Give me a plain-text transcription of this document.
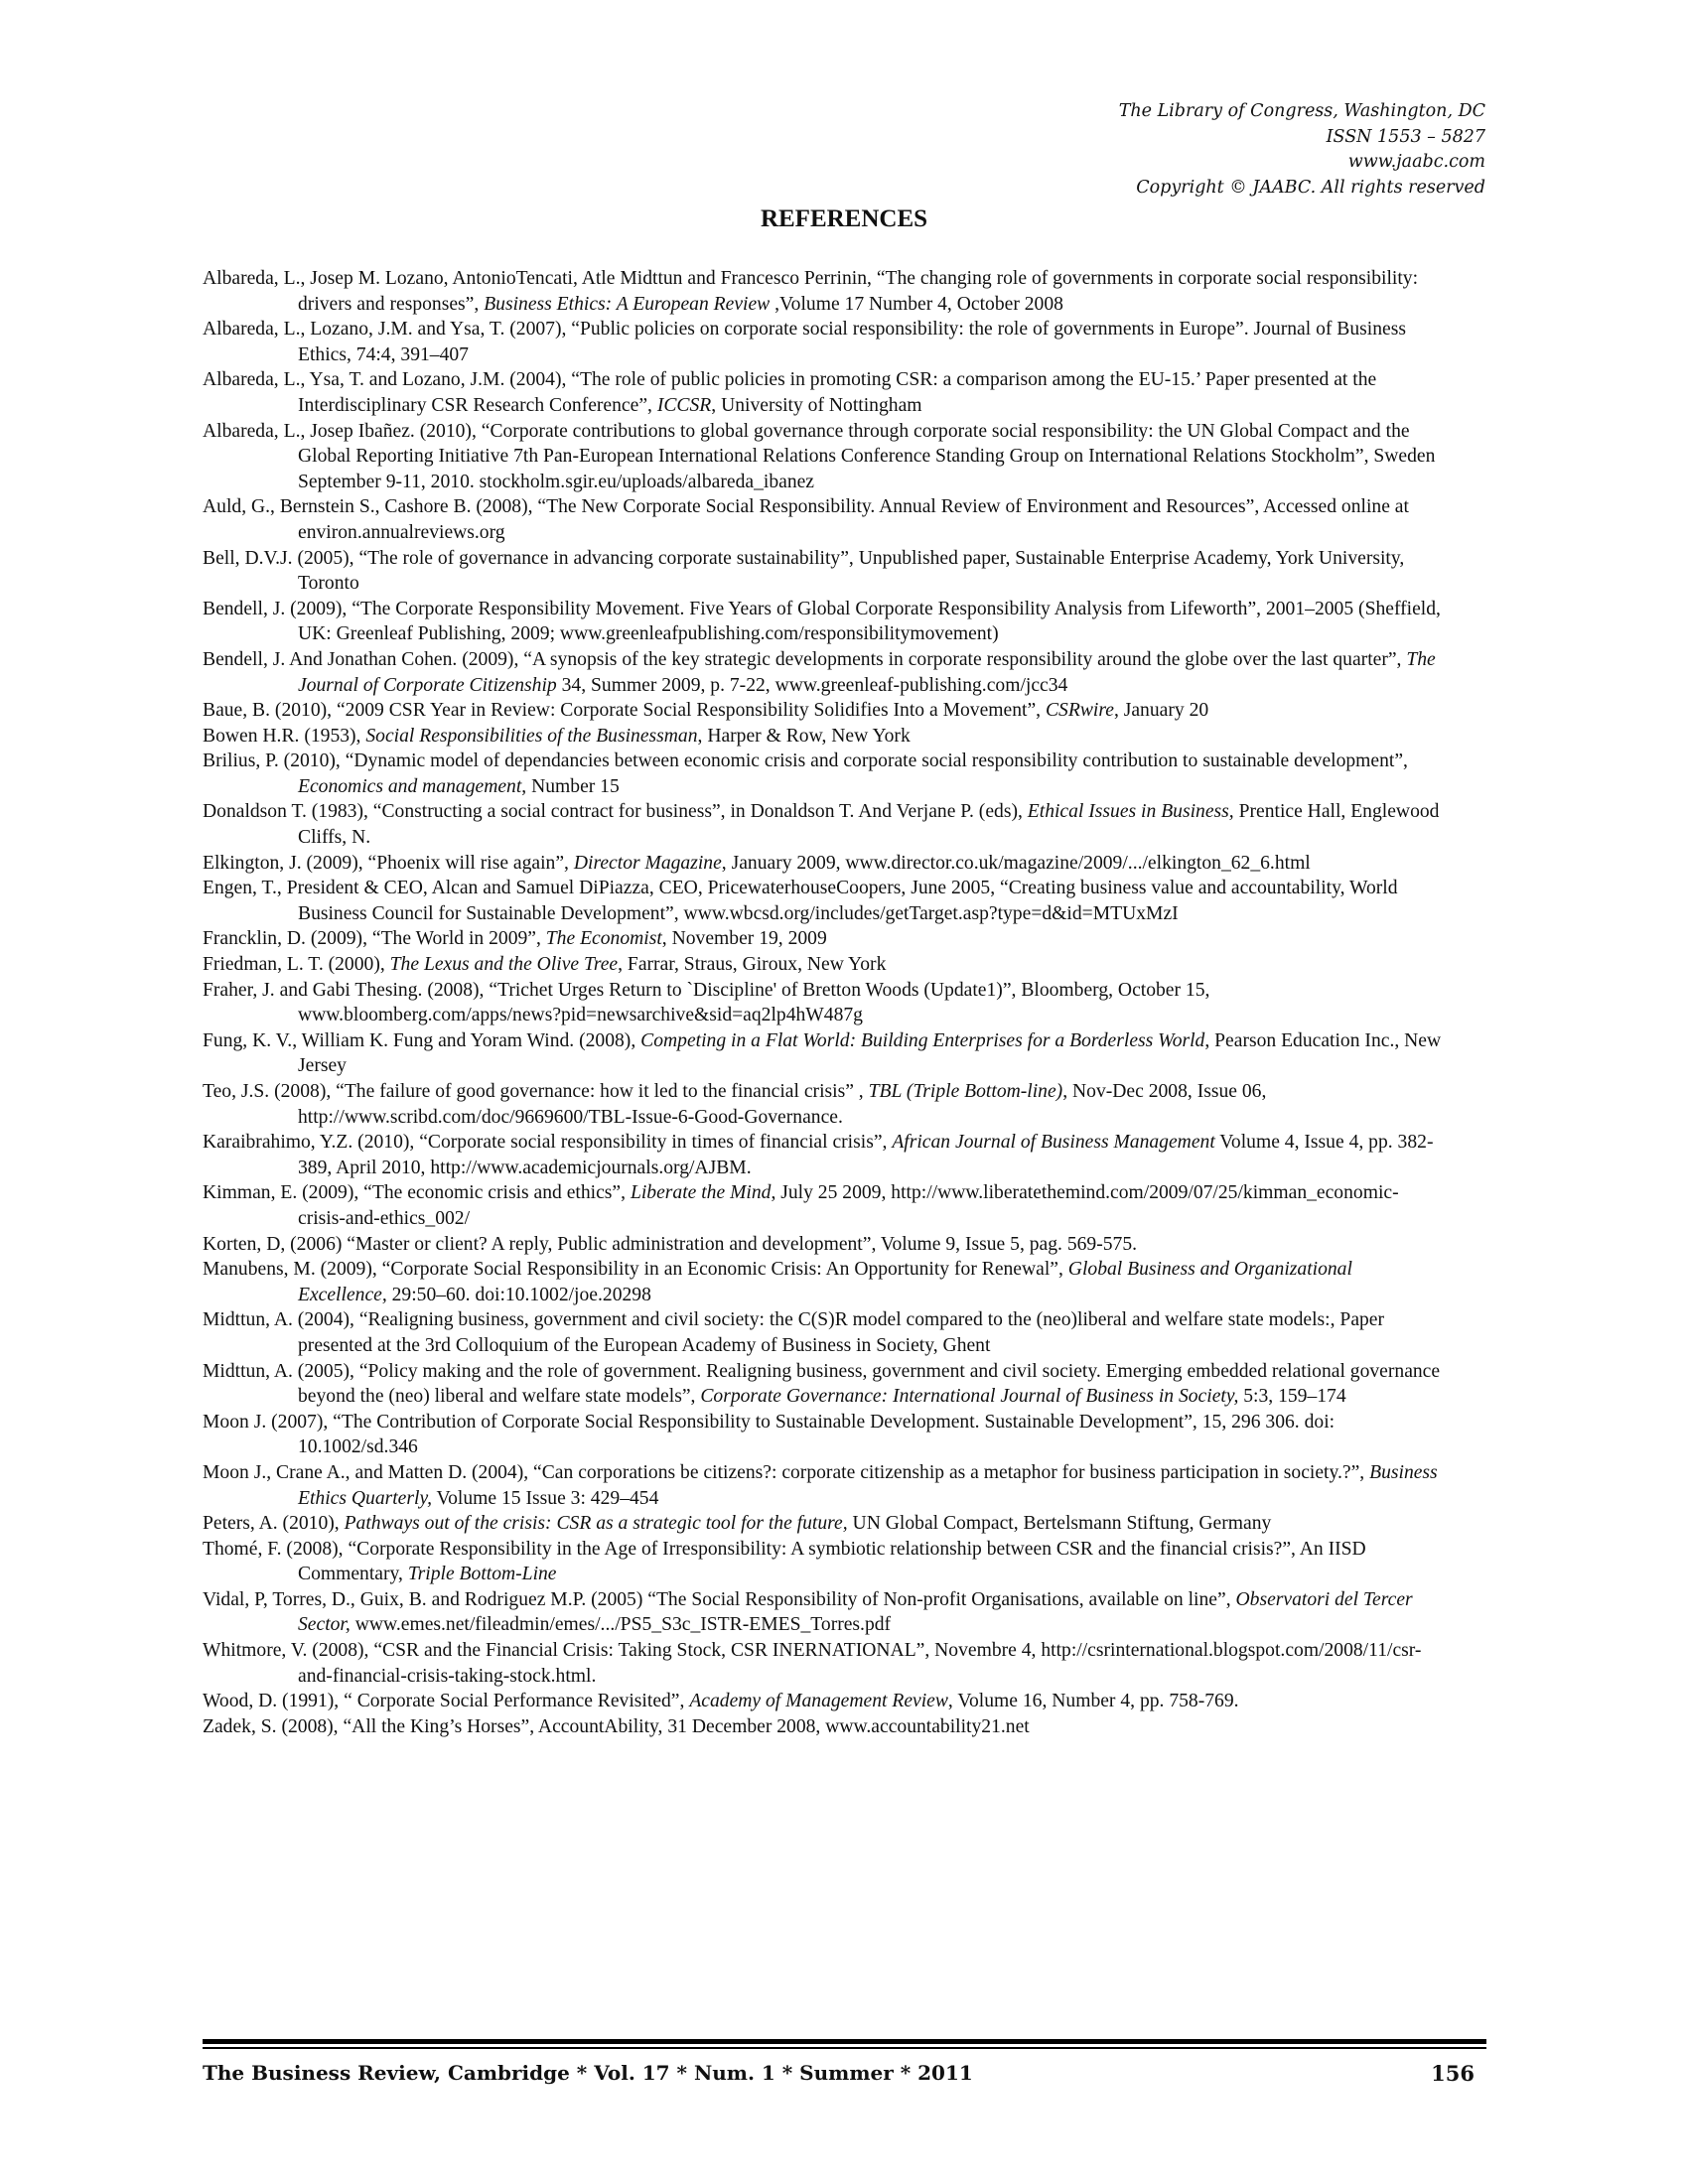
The Library of Congress, Washington, DC
ISSN 1553 – 5827
www.jaabc.com
Copyright © JAABC. All rights reserved
REFERENCES

Albareda, L., Josep M. Lozano, AntonioTencati, Atle Midttun and Francesco Perrinin, “The changing role of governments in corporate social responsibility: drivers and responses”, Business Ethics: A European Review ,Volume 17 Number 4, October 2008

Albareda, L., Lozano, J.M. and Ysa, T. (2007), “Public policies on corporate social responsibility: the role of governments in Europe”. Journal of Business Ethics, 74:4, 391–407

Albareda, L., Ysa, T. and Lozano, J.M. (2004), “The role of public policies in promoting CSR: a comparison among the EU-15.’ Paper presented at the Interdisciplinary CSR Research Conference”, ICCSR, University of Nottingham

Albareda, L., Josep Ibañez. (2010), “Corporate contributions to global governance through corporate social responsibility: the UN Global Compact and the Global Reporting Initiative 7th Pan-European International Relations Conference Standing Group on International Relations Stockholm”, Sweden September 9-11, 2010. stockholm.sgir.eu/uploads/albareda_ibanez

Auld, G., Bernstein S., Cashore B. (2008), “The New Corporate Social Responsibility. Annual Review of Environment and Resources”, Accessed online at environ.annualreviews.org

Bell, D.V.J. (2005), “The role of governance in advancing corporate sustainability”, Unpublished paper, Sustainable Enterprise Academy, York University, Toronto

Bendell, J. (2009), “The Corporate Responsibility Movement. Five Years of Global Corporate Responsibility Analysis from Lifeworth”, 2001–2005 (Sheffield, UK: Greenleaf Publishing, 2009; www.greenleafpublishing.com/responsibilitymovement)

Bendell, J. And Jonathan Cohen. (2009), “A synopsis of the key strategic developments in corporate responsibility around the globe over the last quarter”, The Journal of Corporate Citizenship 34, Summer 2009, p. 7-22, www.greenleaf-publishing.com/jcc34

Baue, B. (2010), “2009 CSR Year in Review: Corporate Social Responsibility Solidifies Into a Movement”, CSRwire, January 20

Bowen H.R. (1953), Social Responsibilities of the Businessman, Harper & Row, New York

Brilius, P. (2010), “Dynamic model of dependancies between economic crisis and corporate social responsibility contribution to sustainable development”, Economics and management, Number 15

Donaldson T. (1983), “Constructing a social contract for business”, in Donaldson T. And Verjane P. (eds), Ethical Issues in Business, Prentice Hall, Englewood Cliffs, N.

Elkington, J. (2009), “Phoenix will rise again”, Director Magazine, January 2009, www.director.co.uk/magazine/2009/.../elkington_62_6.html

Engen, T., President & CEO, Alcan and Samuel DiPiazza, CEO, PricewaterhouseCoopers, June 2005, “Creating business value and accountability, World Business Council for Sustainable Development”, www.wbcsd.org/includes/getTarget.asp?type=d&id=MTUxMzI

Francklin, D. (2009), “The World in 2009”, The Economist, November 19, 2009

Friedman, L. T. (2000), The Lexus and the Olive Tree, Farrar, Straus, Giroux, New York

Fraher, J. and Gabi Thesing. (2008), “Trichet Urges Return to `Discipline' of Bretton Woods (Update1)”, Bloomberg, October 15, www.bloomberg.com/apps/news?pid=newsarchive&sid=aq2lp4hW487g

Fung, K. V., William K. Fung and Yoram Wind. (2008), Competing in a Flat World: Building Enterprises for a Borderless World, Pearson Education Inc., New Jersey

Teo, J.S. (2008), “The failure of good governance: how it led to the financial crisis” , TBL (Triple Bottom-line), Nov-Dec 2008, Issue 06, http://www.scribd.com/doc/9669600/TBL-Issue-6-Good-Governance.

Karaibrahimo, Y.Z. (2010), “Corporate social responsibility in times of financial crisis”, African Journal of Business Management Volume 4, Issue 4, pp. 382-389, April 2010, http://www.academicjournals.org/AJBM.

Kimman, E. (2009), “The economic crisis and ethics”, Liberate the Mind, July 25 2009, http://www.liberatethemind.com/2009/07/25/kimman_economic-crisis-and-ethics_002/

Korten, D, (2006) “Master or client? A reply, Public administration and development”, Volume 9, Issue 5, pag. 569-575.

Manubens, M. (2009), “Corporate Social Responsibility in an Economic Crisis: An Opportunity for Renewal”, Global Business and Organizational Excellence, 29:50–60. doi:10.1002/joe.20298

Midttun, A. (2004), “Realigning business, government and civil society: the C(S)R model compared to the (neo)liberal and welfare state models:, Paper presented at the 3rd Colloquium of the European Academy of Business in Society, Ghent

Midttun, A. (2005), “Policy making and the role of government. Realigning business, government and civil society. Emerging embedded relational governance beyond the (neo) liberal and welfare state models”, Corporate Governance: International Journal of Business in Society, 5:3, 159–174

Moon J. (2007), “The Contribution of Corporate Social Responsibility to Sustainable Development. Sustainable Development”, 15, 296 306. doi: 10.1002/sd.346

Moon J., Crane A., and Matten D. (2004), “Can corporations be citizens?: corporate citizenship as a metaphor for business participation in society.?”, Business Ethics Quarterly, Volume 15 Issue 3: 429–454

Peters, A. (2010), Pathways out of the crisis: CSR as a strategic tool for the future, UN Global Compact, Bertelsmann Stiftung, Germany

Thomé, F. (2008), “Corporate Responsibility in the Age of Irresponsibility: A symbiotic relationship between CSR and the financial crisis?”, An IISD Commentary, Triple Bottom-Line

Vidal, P, Torres, D., Guix, B. and Rodriguez M.P. (2005) “The Social Responsibility of Non-profit Organisations, available on line”, Observatori del Tercer Sector, www.emes.net/fileadmin/emes/.../PS5_S3c_ISTR-EMES_Torres.pdf

Whitmore, V. (2008), “CSR and the Financial Crisis: Taking Stock, CSR INERNATIONAL”, Novembre 4, http://csrinternational.blogspot.com/2008/11/csr-and-financial-crisis-taking-stock.html.

Wood, D. (1991), “ Corporate Social Performance Revisited”, Academy of Management Review, Volume 16, Number 4, pp. 758-769.

Zadek, S. (2008), “All the King’s Horses”, AccountAbility, 31 December 2008, www.accountability21.net

The Business Review, Cambridge * Vol. 17 * Num. 1 * Summer * 2011	156
